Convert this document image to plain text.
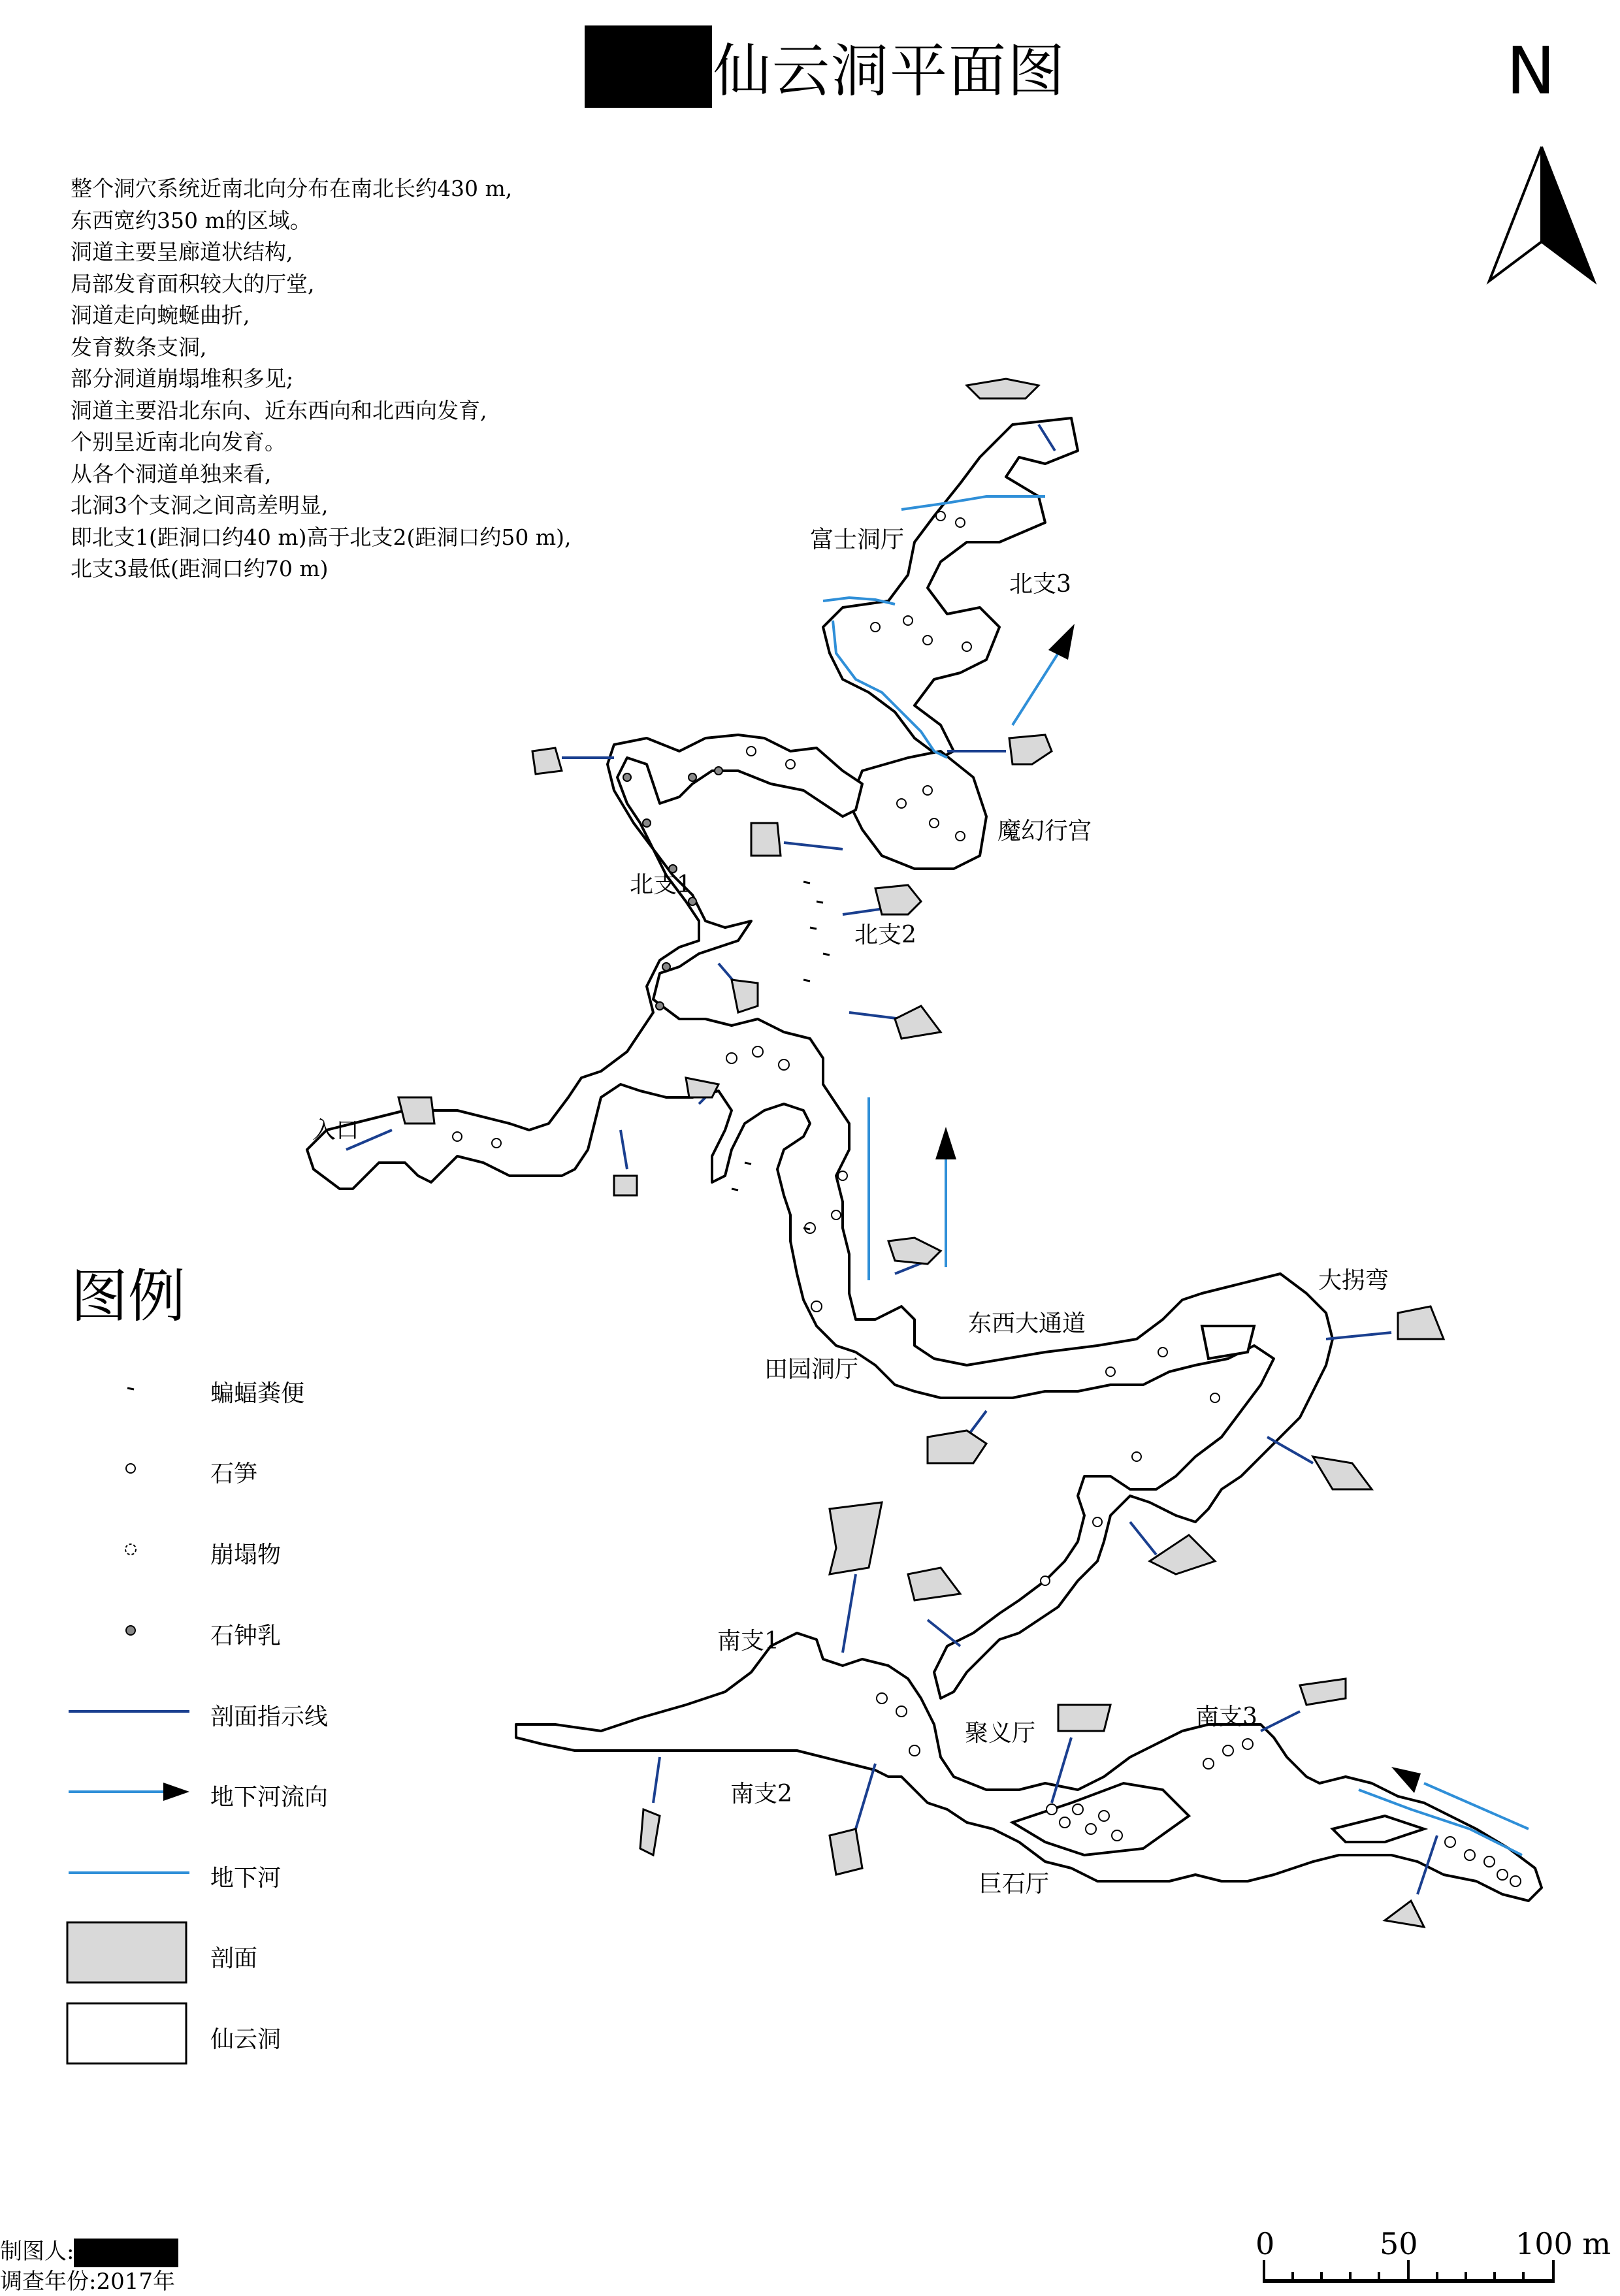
仙云洞平面图	N
整个洞穴系统近南北向分布在南北长约430 m,
东西宽约350 m的区域。
洞道主要呈廊道状结构,
局部发育面积较大的厅堂,
洞道走向蜿蜒曲折,
发育数条支洞,
部分洞道崩塌堆积多见;
洞道主要沿北东向、近东西向和北西向发育,
个别呈近南北向发育。
从各个洞道单独来看,
北洞3个支洞之间高差明显,
即北支1(距洞口约40 m)高于北支2(距洞口约50 m),
北支3最低(距洞口约70 m)
富士洞厅
北支3
魔幻行宫
北支1
北支2
入口
东西大通道
田园洞厅
大拐弯
南支1
南支2
南支3
聚义厅
巨石厅
图例
蝙蝠粪便
石笋
崩塌物
石钟乳
剖面指示线
地下河流向
地下河
剖面
仙云洞
0	50	100 m
制图人:
调查年份:2017年
